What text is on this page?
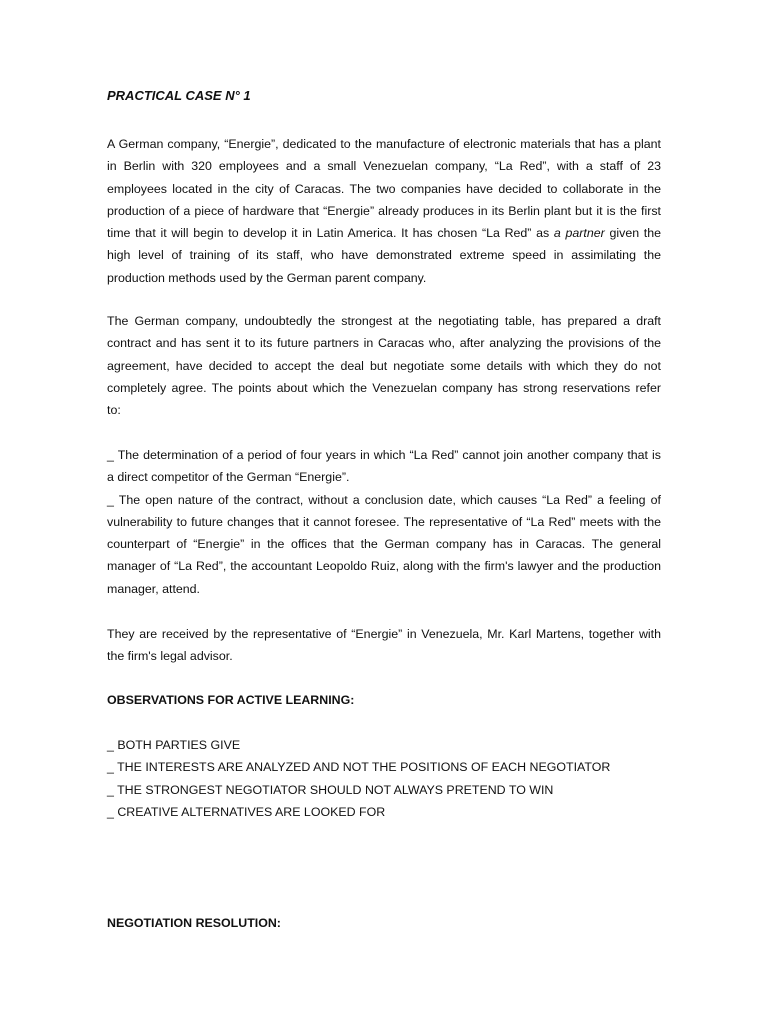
PRACTICAL CASE N° 1
A German company, “Energie”, dedicated to the manufacture of electronic materials that has a plant
in Berlin with 320 employees and a small Venezuelan company, “La Red”, with a staff of 23
employees located in the city of Caracas. The two companies have decided to collaborate in the
production of a piece of hardware that “Energie” already produces in its Berlin plant but it is the first
time that it will begin to develop it in Latin America. It has chosen “La Red” as a partner given the
high level of training of its staff, who have demonstrated extreme speed in assimilating the
production methods used by the German parent company.
The German company, undoubtedly the strongest at the negotiating table, has prepared a draft
contract and has sent it to its future partners in Caracas who, after analyzing the provisions of the
agreement, have decided to accept the deal but negotiate some details with which they do not
completely agree. The points about which the Venezuelan company has strong reservations refer
to:
_ The determination of a period of four years in which “La Red” cannot join another company that is
a direct competitor of the German “Energie”.
_ The open nature of the contract, without a conclusion date, which causes “La Red” a feeling of
vulnerability to future changes that it cannot foresee. The representative of “La Red” meets with the
counterpart of “Energie” in the offices that the German company has in Caracas. The general
manager of “La Red”, the accountant Leopoldo Ruiz, along with the firm's lawyer and the production
manager, attend.
They are received by the representative of “Energie” in Venezuela, Mr. Karl Martens, together with
the firm's legal advisor.
OBSERVATIONS FOR ACTIVE LEARNING:
_ BOTH PARTIES GIVE
_ THE INTERESTS ARE ANALYZED AND NOT THE POSITIONS OF EACH NEGOTIATOR
_ THE STRONGEST NEGOTIATOR SHOULD NOT ALWAYS PRETEND TO WIN
_ CREATIVE ALTERNATIVES ARE LOOKED FOR
NEGOTIATION RESOLUTION:
